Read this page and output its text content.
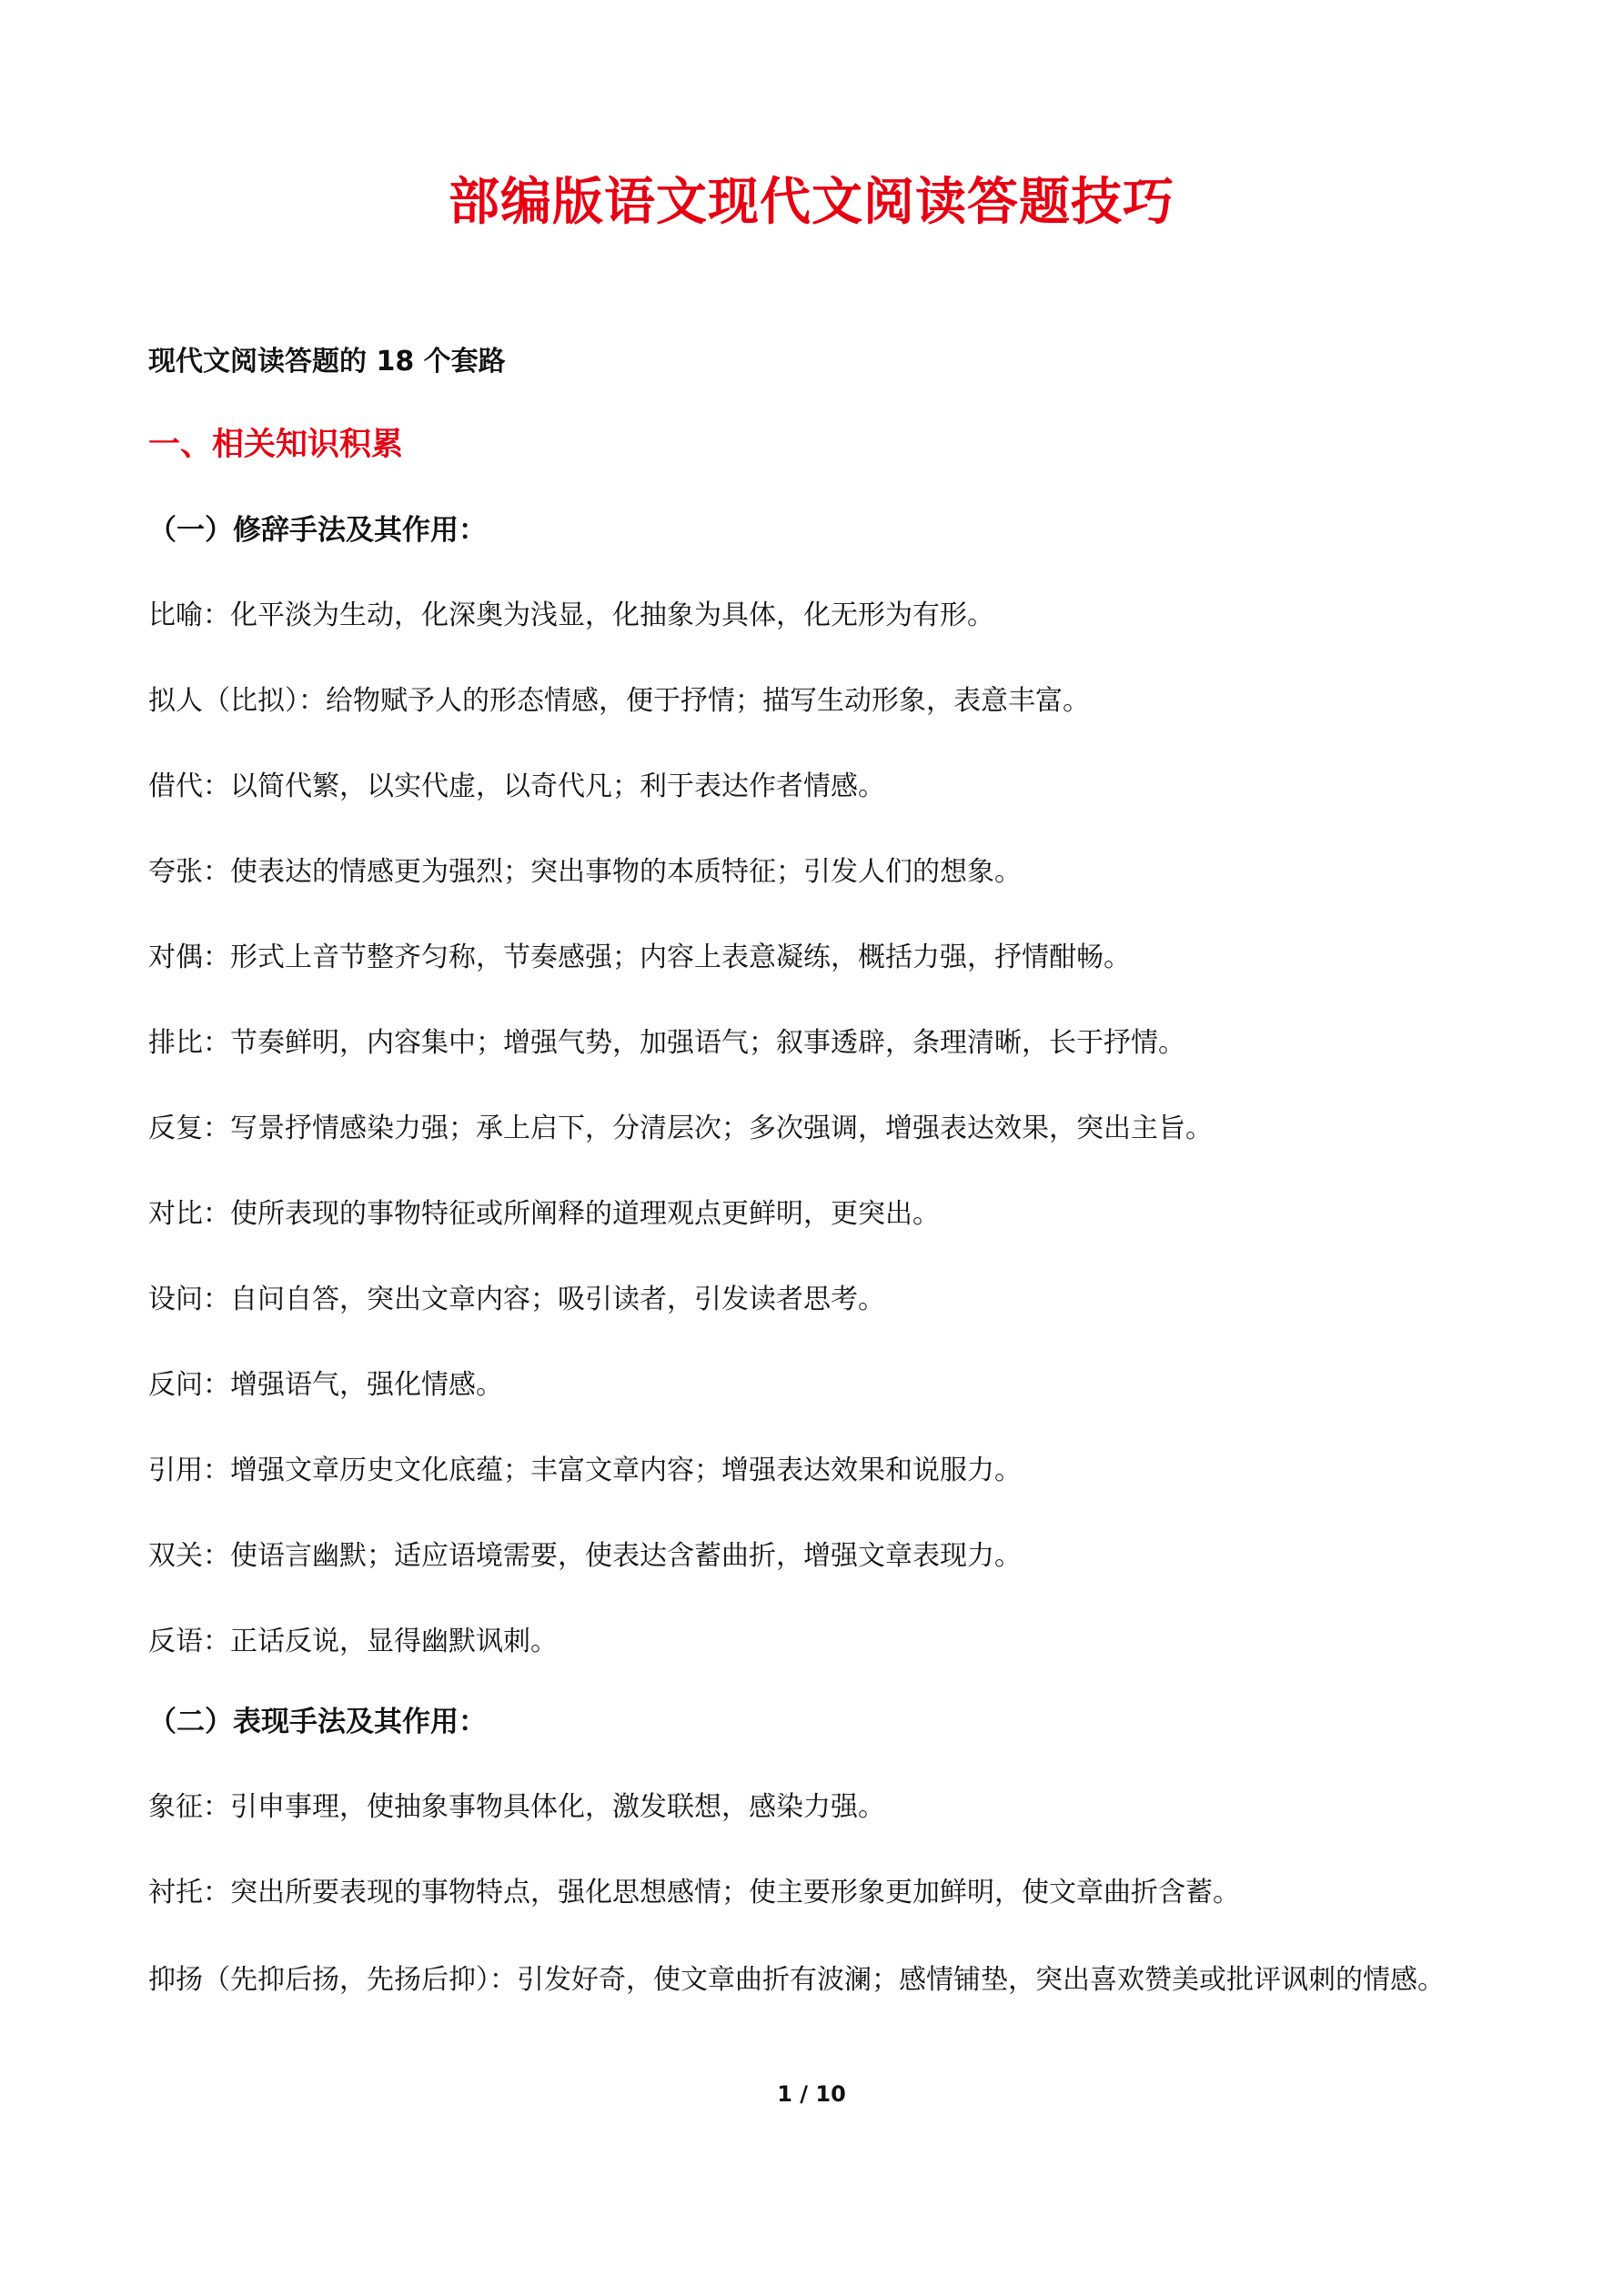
部编版语文现代文阅读答题技巧
现代文阅读答题的 18 个套路
一、相关知识积累
（一）修辞手法及其作用：
比喻：化平淡为生动，化深奥为浅显，化抽象为具体，化无形为有形。
拟人（比拟）：给物赋予人的形态情感，便于抒情；描写生动形象，表意丰富。
借代：以简代繁，以实代虚，以奇代凡；利于表达作者情感。
夸张：使表达的情感更为强烈；突出事物的本质特征；引发人们的想象。
对偶：形式上音节整齐匀称，节奏感强；内容上表意凝练，概括力强，抒情酣畅。
排比：节奏鲜明，内容集中；增强气势，加强语气；叙事透辟，条理清晰，长于抒情。
反复：写景抒情感染力强；承上启下，分清层次；多次强调，增强表达效果，突出主旨。
对比：使所表现的事物特征或所阐释的道理观点更鲜明，更突出。
设问：自问自答，突出文章内容；吸引读者，引发读者思考。
反问：增强语气，强化情感。
引用：增强文章历史文化底蕴；丰富文章内容；增强表达效果和说服力。
双关：使语言幽默；适应语境需要，使表达含蓄曲折，增强文章表现力。
反语：正话反说，显得幽默讽刺。
（二）表现手法及其作用：
象征：引申事理，使抽象事物具体化，激发联想，感染力强。
衬托：突出所要表现的事物特点，强化思想感情；使主要形象更加鲜明，使文章曲折含蓄。
抑扬（先抑后扬，先扬后抑）：引发好奇，使文章曲折有波澜；感情铺垫，突出喜欢赞美或批评讽刺的情感。
1 / 10
